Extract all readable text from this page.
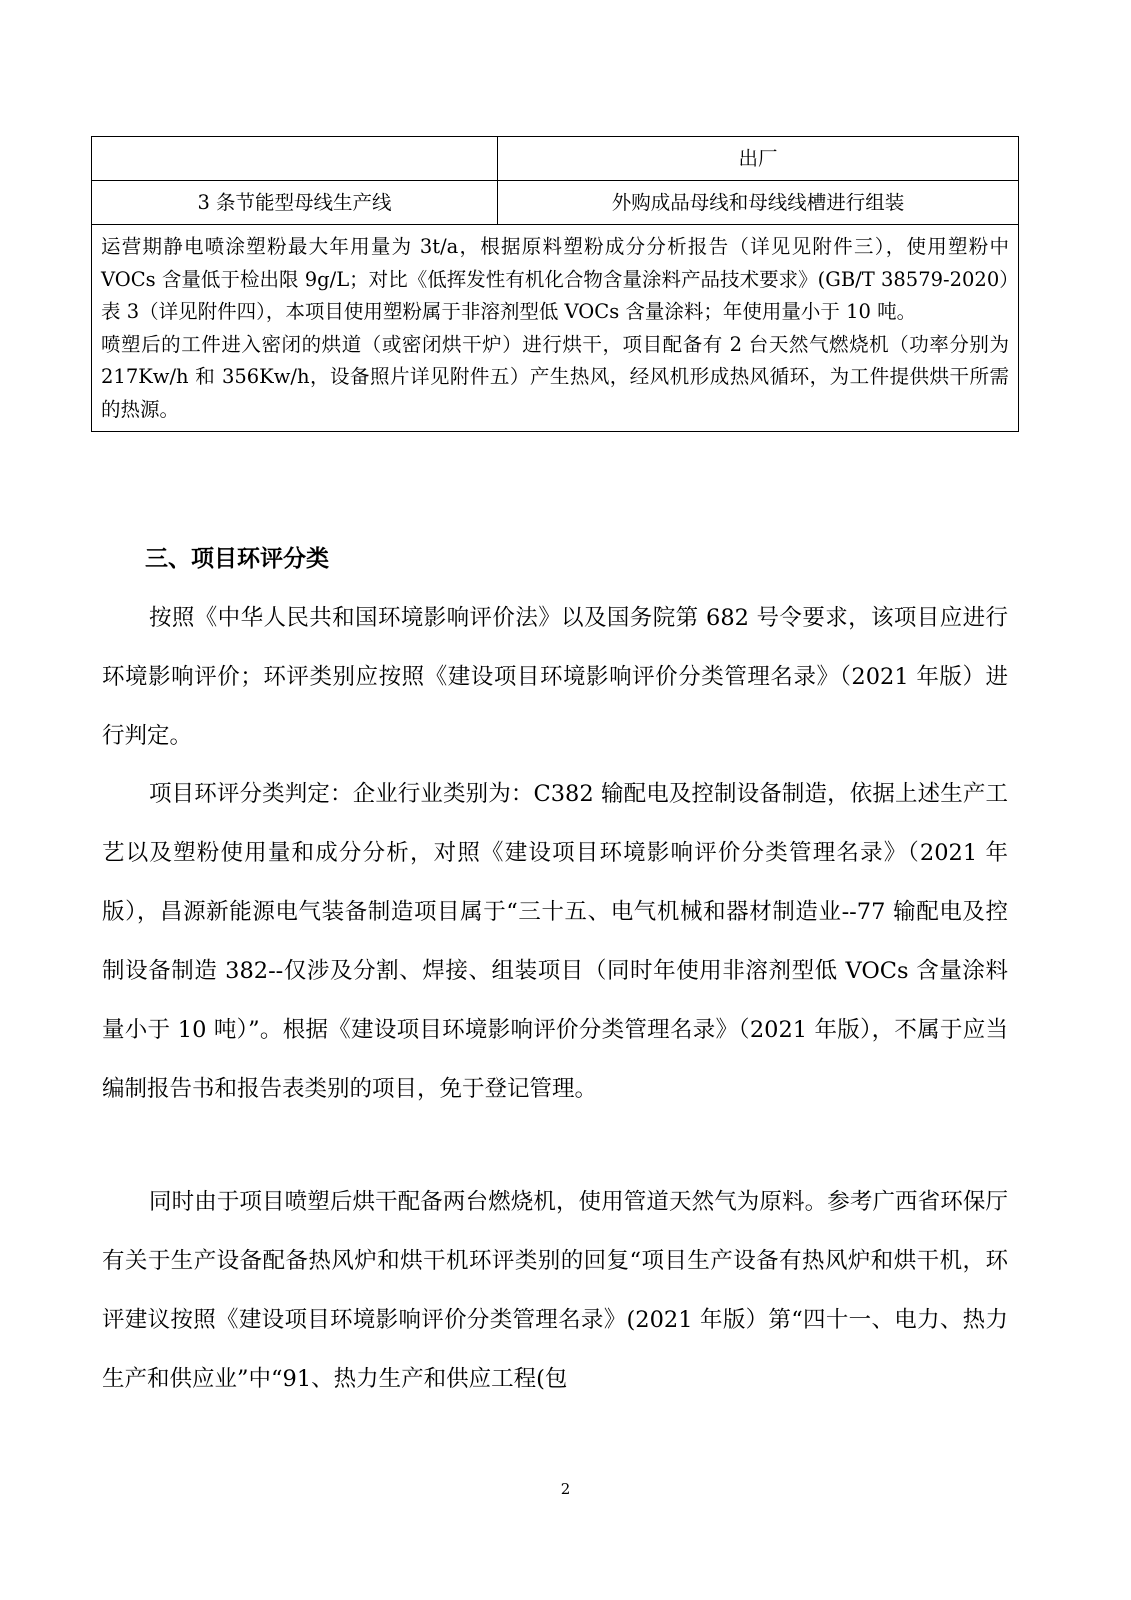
	出厂
3 条节能型母线生产线	外购成品母线和母线线槽进行组装

运营期静电喷涂塑粉最大年用量为 3t/a，根据原料塑粉成分分析报告（详见见附件三），使用塑粉中 VOCs 含量低于检出限 9g/L；对比《低挥发性有机化合物含量涂料产品技术要求》(GB/T 38579-2020）表 3（详见附件四），本项目使用塑粉属于非溶剂型低 VOCs 含量涂料；年使用量小于 10 吨。

喷塑后的工件进入密闭的烘道（或密闭烘干炉）进行烘干，项目配备有 2 台天然气燃烧机（功率分别为 217Kw/h 和 356Kw/h，设备照片详见附件五）产生热风，经风机形成热风循环，为工件提供烘干所需的热源。	

三、项目环评分类

按照《中华人民共和国环境影响评价法》以及国务院第 682 号令要求，该项目应进行环境影响评价；环评类别应按照《建设项目环境影响评价分类管理名录》（2021 年版）进行判定。

项目环评分类判定：企业行业类别为：C382 输配电及控制设备制造，依据上述生产工艺以及塑粉使用量和成分分析，对照《建设项目环境影响评价分类管理名录》（2021 年版），昌源新能源电气装备制造项目属于“三十五、电气机械和器材制造业--77 输配电及控制设备制造 382--仅涉及分割、焊接、组装项目（同时年使用非溶剂型低 VOCs 含量涂料量小于 10 吨）”。根据《建设项目环境影响评价分类管理名录》（2021 年版），不属于应当编制报告书和报告表类别的项目，免于登记管理。

同时由于项目喷塑后烘干配备两台燃烧机，使用管道天然气为原料。参考广西省环保厅有关于生产设备配备热风炉和烘干机环评类别的回复“项目生产设备有热风炉和烘干机，环评建议按照《建设项目环境影响评价分类管理名录》(2021 年版）第“四十一、电力、热力生产和供应业”中“91、热力生产和供应工程(包

2
